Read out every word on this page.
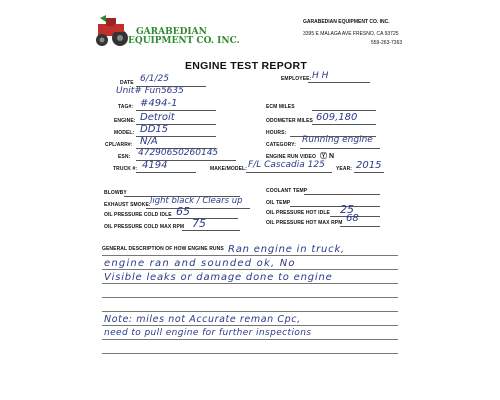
GARABEDIAN
EQUIPMENT CO. INC.
GARABEDIAN EQUIPMENT CO. INC.
3395 E MALAGA AVE FRESNO, CA 93725
559-263-7363
ENGINE TEST REPORT
DATE 6/1/25	EMPLOYEE: H H
Unit# Fun5635
TAG#: #494-1	ECM MILES
ENGINE: Detroit	ODOMETER MILES 609,180
MODEL: DD15	HOURS:
CPL/ARR#: N/A	CATEGORY: Running engine
ESN: 472906S0260145	ENGINE RUN VIDEO Ⓨ N
TRUCK #: 4194	MAKE/MODEL: F/L Cascadia 125 YEAR: 2015
BLOWBY	COOLANT TEMP
EXHAUST SMOKE: light black / Clears up	OIL TEMP
OIL PRESSURE COLD IDLE 65	OIL PRESSURE HOT IDLE 25
OIL PRESSURE COLD MAX RPM 75	OIL PRESSURE HOT MAX RPM 68
GENERAL DESCRIPTION OF HOW ENGINE RUNS Ran engine in truck,
engine ran and sounded ok, No
Visible leaks or damage done to engine
Note: miles not Accurate reman Cpc,
need to pull engine for further inspections
